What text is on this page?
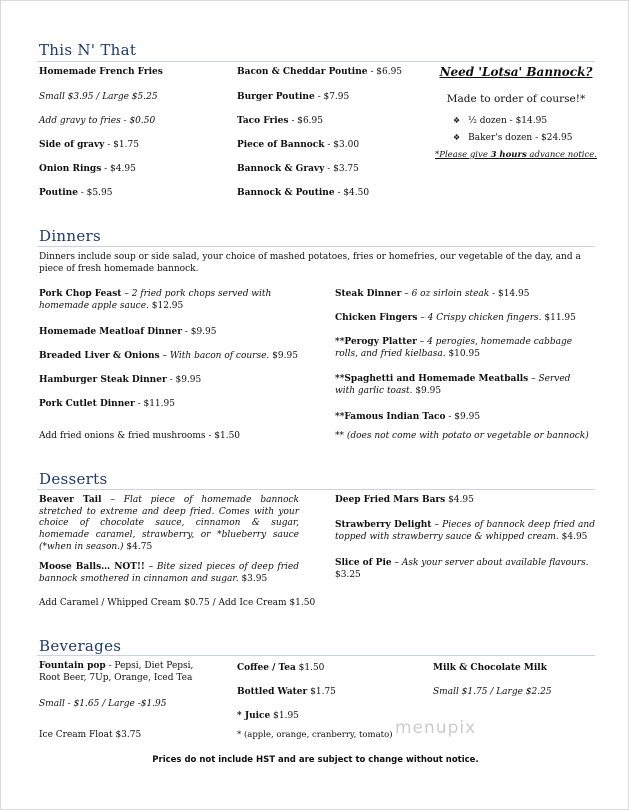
This N' That
Homemade French Fries
Small $3.95 / Large $5.25
Add gravy to fries - $0.50
Side of gravy - $1.75
Onion Rings - $4.95
Poutine - $5.95
Bacon & Cheddar Poutine - $6.95
Burger Poutine - $7.95
Taco Fries - $6.95
Piece of Bannock - $3.00
Bannock & Gravy - $3.75
Bannock & Poutine - $4.50
Need 'Lotsa' Bannock?
Made to order of course!*
❖ ½ dozen - $14.95
❖ Baker's dozen - $24.95
*Please give 3 hours advance notice.
Dinners
Dinners include soup or side salad, your choice of mashed potatoes, fries or homefries, our vegetable of the day, and a piece of fresh homemade bannock.
Pork Chop Feast – 2 fried pork chops served with homemade apple sauce. $12.95
Homemade Meatloaf Dinner - $9.95
Breaded Liver & Onions – With bacon of course. $9.95
Hamburger Steak Dinner - $9.95
Pork Cutlet Dinner - $11.95
Add fried onions & fried mushrooms - $1.50
Steak Dinner – 6 oz sirloin steak - $14.95
Chicken Fingers – 4 Crispy chicken fingers. $11.95
**Perogy Platter – 4 perogies, homemade cabbage rolls, and fried kielbasa. $10.95
**Spaghetti and Homemade Meatballs – Served with garlic toast. $9.95
**Famous Indian Taco - $9.95
** (does not come with potato or vegetable or bannock)
Desserts
Beaver Tail – Flat piece of homemade bannock stretched to extreme and deep fried. Comes with your choice of chocolate sauce, cinnamon & sugar, homemade caramel, strawberry, or *blueberry sauce (*when in season.) $4.75
Moose Balls… NOT!! – Bite sized pieces of deep fried bannock smothered in cinnamon and sugar. $3.95
Add Caramel / Whipped Cream $0.75 / Add Ice Cream $1.50
Deep Fried Mars Bars $4.95
Strawberry Delight – Pieces of bannock deep fried and topped with strawberry sauce & whipped cream. $4.95
Slice of Pie – Ask your server about available flavours. $3.25
Beverages
Fountain pop - Pepsi, Diet Pepsi, Root Beer, 7Up, Orange, Iced Tea
Small - $1.65 / Large -$1.95
Ice Cream Float $3.75
Coffee / Tea $1.50
Bottled Water $1.75
* Juice $1.95
* (apple, orange, cranberry, tomato)
Milk & Chocolate Milk
Small $1.75 / Large $2.25
menupix
Prices do not include HST and are subject to change without notice.
